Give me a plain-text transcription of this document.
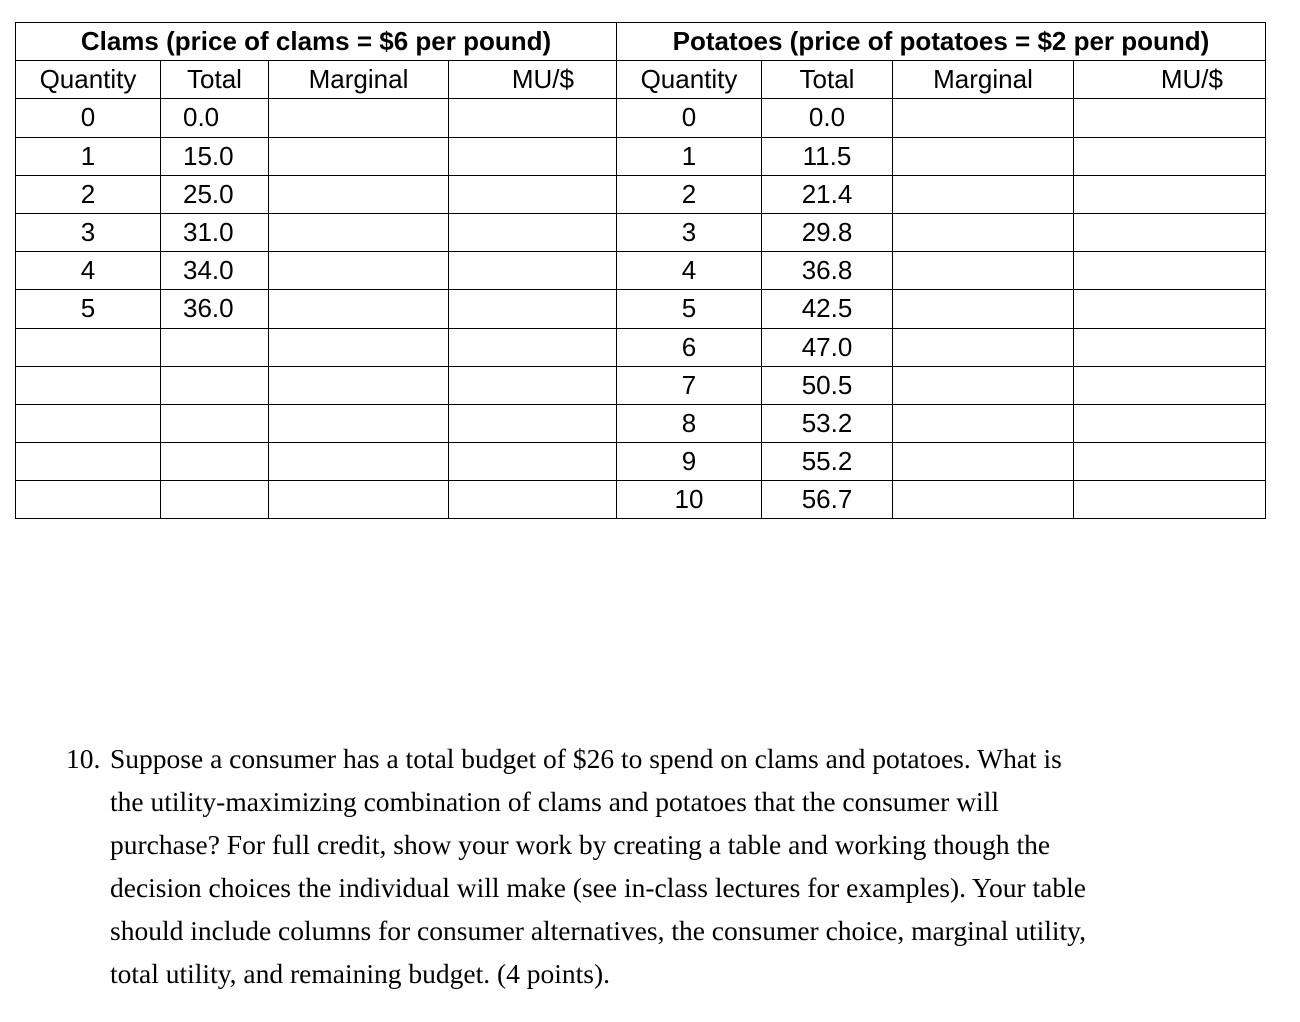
Clams (price of clams = $6 per pound)				Potatoes (price of potatoes = $2 per pound)			
Quantity	Total	Marginal	MU/$	Quantity	Total	Marginal	MU/$
0	0.0			0	0.0		
1	15.0			1	11.5		
2	25.0			2	21.4		
3	31.0			3	29.8		
4	34.0			4	36.8		
5	36.0			5	42.5		
				6	47.0		
				7	50.5		
				8	53.2		
				9	55.2		
				10	56.7		
10. Suppose a consumer has a total budget of $26 to spend on clams and potatoes. What is
the utility-maximizing combination of clams and potatoes that the consumer will
purchase? For full credit, show your work by creating a table and working though the
decision choices the individual will make (see in-class lectures for examples). Your table
should include columns for consumer alternatives, the consumer choice, marginal utility,
total utility, and remaining budget. (4 points).
